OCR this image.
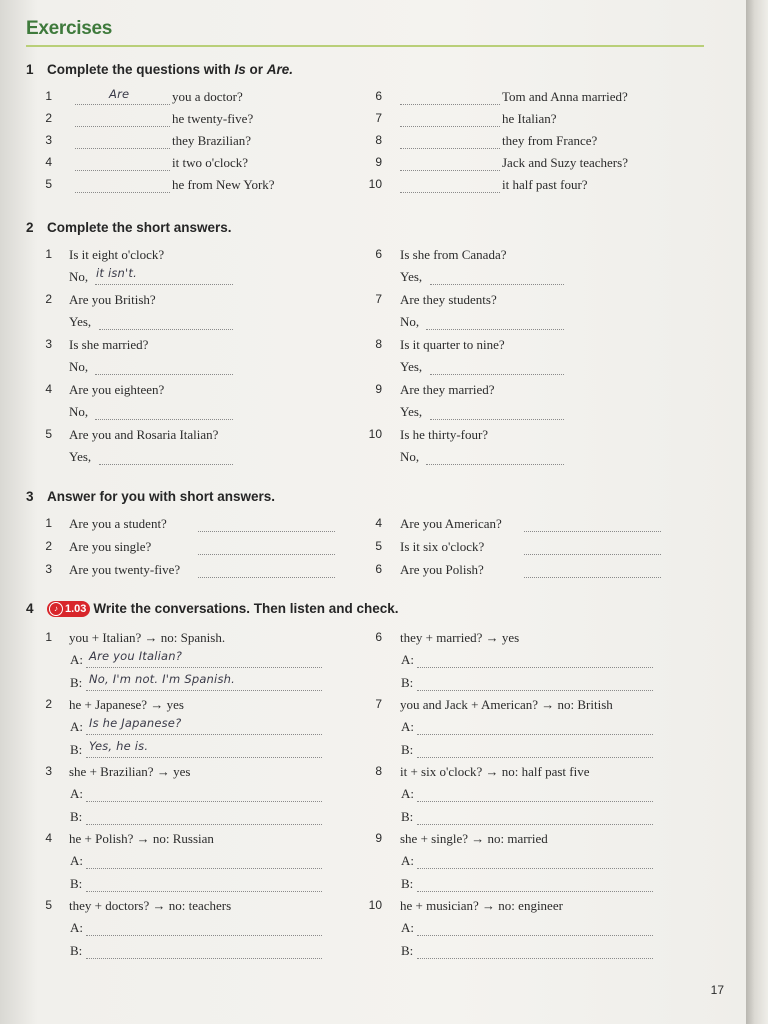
Exercises
1 Complete the questions with Is or Are.
1	Are	you a doctor?
2	he twenty-five?
3	they Brazilian?
4	it two o'clock?
5	he from New York?
6	Tom and Anna married?
7	he Italian?
8	they from France?
9	Jack and Suzy teachers?
10	it half past four?
2 Complete the short answers.
1 Is it eight o'clock?
No, it isn't.
2 Are you British?
Yes,
3 Is she married?
No,
4 Are you eighteen?
No,
5 Are you and Rosaria Italian?
Yes,
6 Is she from Canada?
Yes,
7 Are they students?
No,
8 Is it quarter to nine?
Yes,
9 Are they married?
Yes,
10 Is he thirty-four?
No,
3 Answer for you with short answers.
1 Are you a student?
2 Are you single?
3 Are you twenty-five?
4 Are you American?
5 Is it six o'clock?
6 Are you Polish?
4	♪ 1.03 Write the conversations. Then listen and check.
1 you + Italian? → no: Spanish.
A: Are you Italian?
B: No, I'm not. I'm Spanish.
2 he + Japanese? → yes
A: Is he Japanese?
B: Yes, he is.
3 she + Brazilian? → yes
A:
B:
4 he + Polish? → no: Russian
A:
B:
5 they + doctors? → no: teachers
A:
B:
6 they + married? → yes
A:
B:
7 you and Jack + American? → no: British
A:
B:
8 it + six o'clock? → no: half past five
A:
B:
9 she + single? → no: married
A:
B:
10 he + musician? → no: engineer
A:
B:
17
